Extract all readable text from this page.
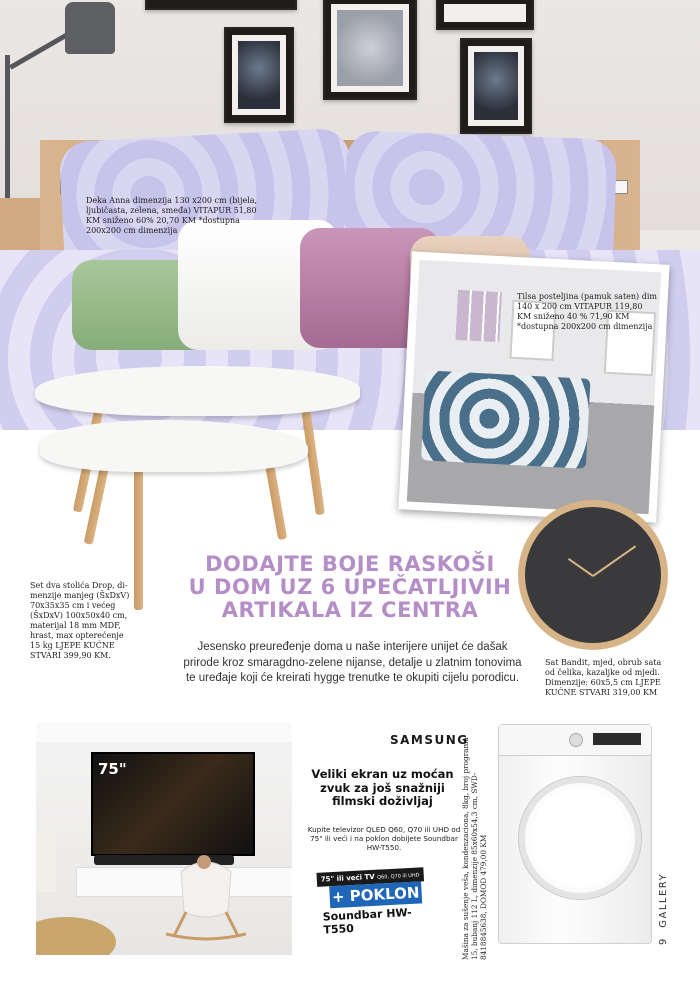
Deka Anna dimenzija 130 x200 cm (bijela,
ljubičasta, zelena, smeđa) VITAPUR 51,80
KM sniženo 60% 20,70 KM *dostupna
200x200 cm dimenzija
Tilsa posteljina (pamuk saten) dim
140 x 200 cm VITAPUR 119,80
KM sniženo 40 % 71,90 KM
*dostupna 200x200 cm dimenzija
DODAJTE BOJE RASKOŠI
U DOM UZ 6 UPEČATLJIVIH
ARTIKALA IZ CENTRA
Jesensko preuređenje doma u naše interijere unijet će dašak prirode kroz smaragdno-zelene nijanse, detalje u zlatnim tonovima te uređaje koji će kreirati hygge trenutke te okupiti cijelu porodicu.
Set dva stolića Drop, di-
menzije manjeg (ŠxDxV)
70x35x35 cm i većeg
(ŠxDxV) 100x50x40 cm,
materijal 18 mm MDF,
hrast, max opterećenje
15 kg LJEPE KUĆNE
STVARI 399,90 KM.
Sat Bandit, mjed, obrub sata
od čelika, kazaljke od mjedi.
Dimenzije: 60x5,5 cm LJEPE
KUĆNE STVARI 319,00 KM
75"
SAMSUNG
Veliki ekran uz moćan zvuk za još snažniji filmski doživljaj
Kupite televizor QLED Q60, Q70 ili UHD od 75" ili veći i na poklon dobijete Soundbar HW-T550.
75" ili veći TV Q60, Q70 ili UHD
+ POKLON
Soundbar HW-T550	Mašina za sušenje veša, kondenzaciona, 8kg, broj programa 15, bubanj 112 L, dimenzije 85x60x54,3 cm, SWD-8418845638, DOMOD 479,00 KM	9  GALLERY
